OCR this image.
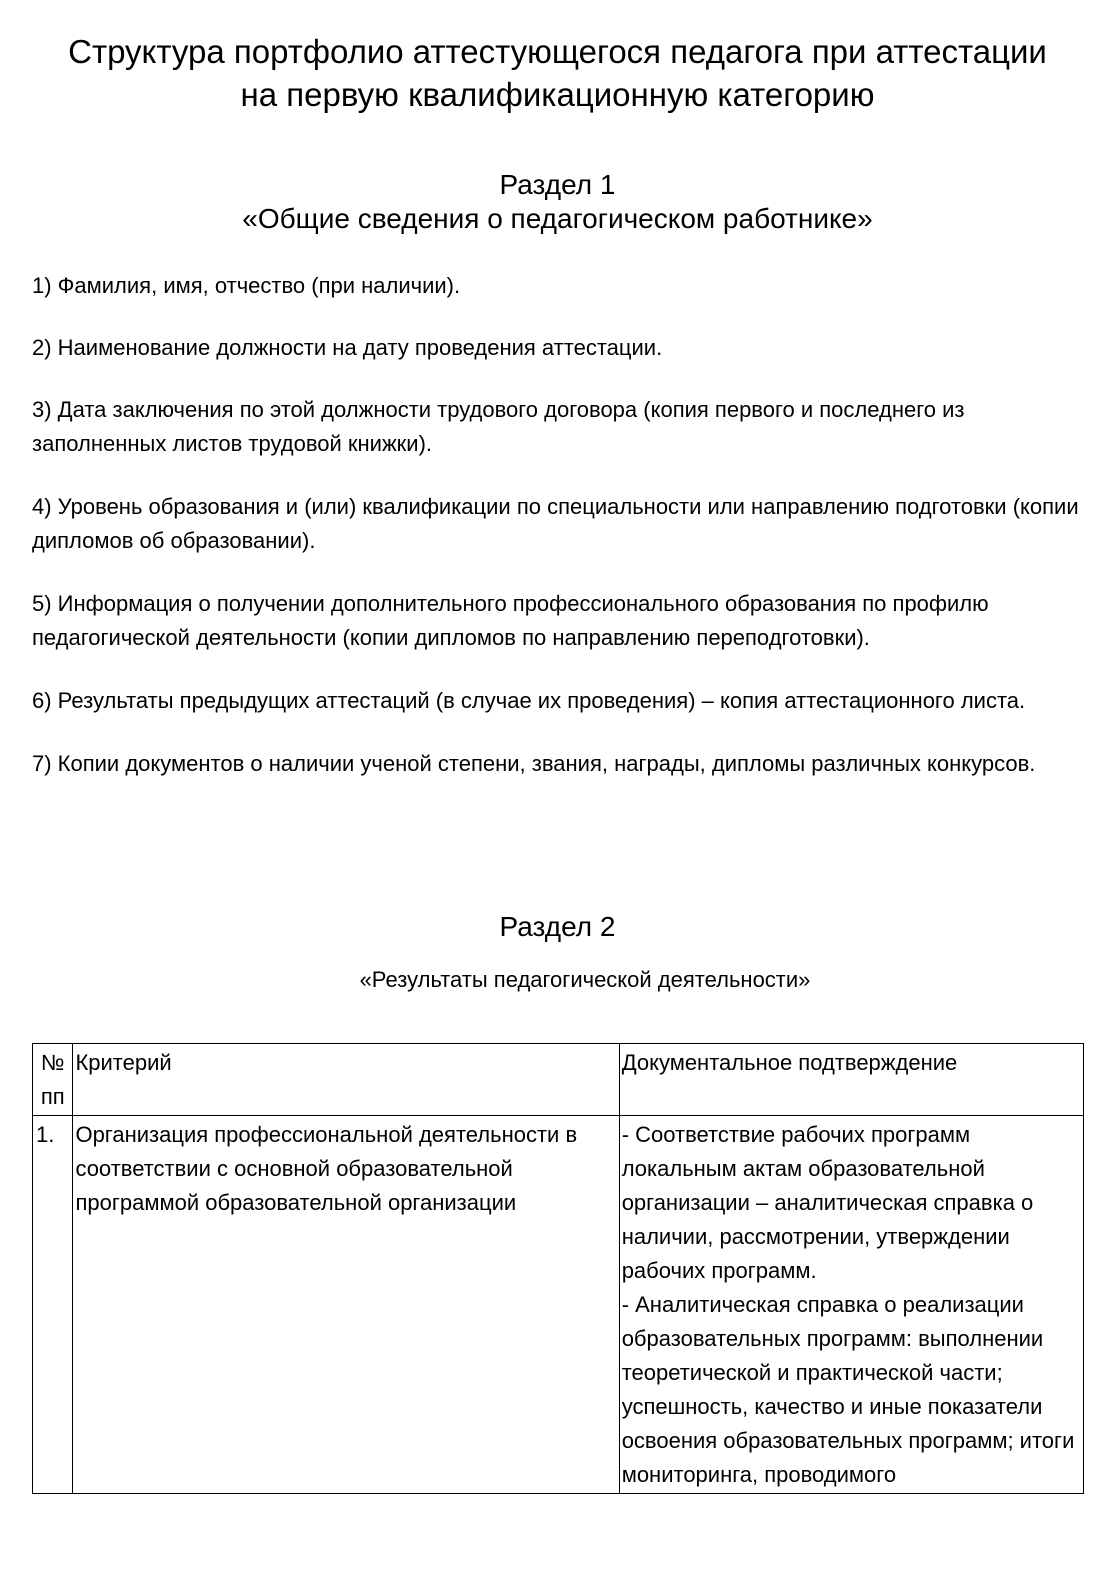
Структура портфолио аттестующегося педагога при аттестации
на первую квалификационную категорию
Раздел 1
«Общие сведения о педагогическом работнике»
1) Фамилия, имя, отчество (при наличии).
2) Наименование должности на дату проведения аттестации.
3) Дата заключения по этой должности трудового договора (копия первого и последнего из заполненных листов трудовой книжки).
4) Уровень образования и (или) квалификации по специальности или направлению подготовки (копии дипломов об образовании).
5) Информация о получении дополнительного профессионального образования по профилю педагогической деятельности (копии дипломов по направлению переподготовки).
6) Результаты предыдущих аттестаций (в случае их проведения) – копия аттестационного листа.
7) Копии документов о наличии ученой степени, звания, награды, дипломы различных конкурсов.
Раздел 2

«Результаты педагогической деятельности»

№ пп	Критерий	Документальное подтверждение
1.	Организация профессиональной деятельности в соответствии с основной образовательной программой образовательной организации	- Соответствие рабочих программ локальным актам образовательной организации – аналитическая справка о наличии, рассмотрении, утверждении рабочих программ.
- Аналитическая справка о реализации образовательных программ: выполнении теоретической и практической части; успешность, качество и иные показатели освоения образовательных программ; итоги мониторинга, проводимого
